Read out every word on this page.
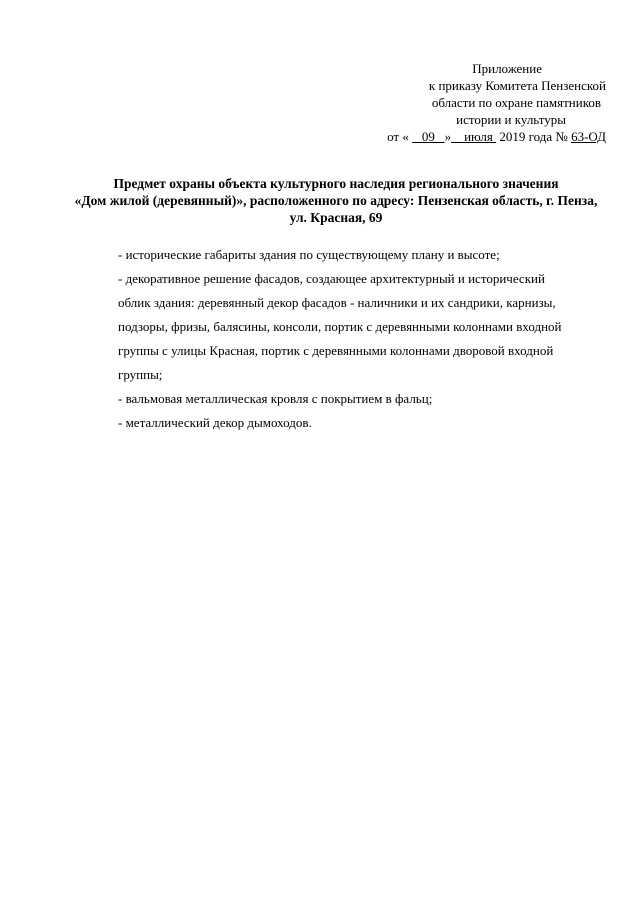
Приложение
к приказу Комитета Пензенской
области по охране памятников
истории и культуры
от « 09 » июля 2019 года № 63-ОД
Предмет охраны объекта культурного наследия регионального значения
«Дом жилой (деревянный)», расположенного по адресу: Пензенская область, г. Пенза,
ул. Красная, 69
- исторические габариты здания по существующему плану и высоте;
- декоративное решение фасадов, создающее архитектурный и исторический
облик здания: деревянный декор фасадов - наличники и их сандрики, карнизы,
подзоры, фризы, балясины, консоли, портик с деревянными колоннами входной
группы с улицы Красная, портик с деревянными колоннами дворовой входной
группы;
- вальмовая металлическая кровля с покрытием в фальц;
- металлический декор дымоходов.
